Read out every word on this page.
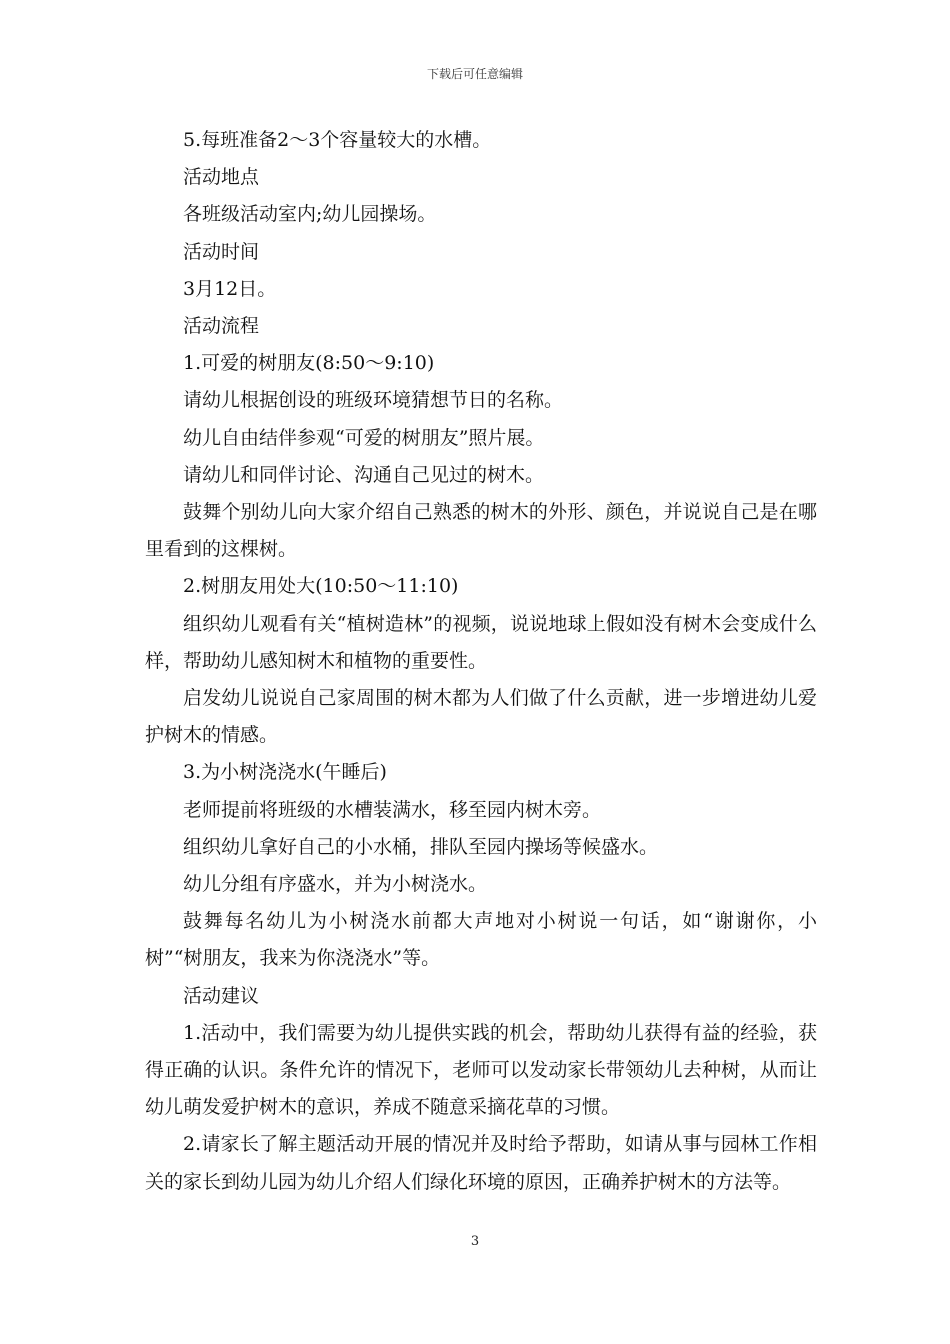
下载后可任意编辑

5.每班准备2～3个容量较大的水槽。

活动地点

各班级活动室内;幼儿园操场。

活动时间

3月12日。

活动流程

1.可爱的树朋友(8:50～9:10)

请幼儿根据创设的班级环境猜想节日的名称。

幼儿自由结伴参观“可爱的树朋友”照片展。

请幼儿和同伴讨论、沟通自己见过的树木。

鼓舞个别幼儿向大家介绍自己熟悉的树木的外形、颜色，并说说自己是在哪里看到的这棵树。

2.树朋友用处大(10:50～11:10)

组织幼儿观看有关“植树造林”的视频，说说地球上假如没有树木会变成什么样，帮助幼儿感知树木和植物的重要性。

启发幼儿说说自己家周围的树木都为人们做了什么贡献，进一步增进幼儿爱护树木的情感。

3.为小树浇浇水(午睡后)

老师提前将班级的水槽装满水，移至园内树木旁。

组织幼儿拿好自己的小水桶，排队至园内操场等候盛水。

幼儿分组有序盛水，并为小树浇水。

鼓舞每名幼儿为小树浇水前都大声地对小树说一句话，如“谢谢你，小树”“树朋友，我来为你浇浇水”等。

活动建议

1.活动中，我们需要为幼儿提供实践的机会，帮助幼儿获得有益的经验，获得正确的认识。条件允许的情况下，老师可以发动家长带领幼儿去种树，从而让幼儿萌发爱护树木的意识，养成不随意采摘花草的习惯。

2.请家长了解主题活动开展的情况并及时给予帮助，如请从事与园林工作相关的家长到幼儿园为幼儿介绍人们绿化环境的原因，正确养护树木的方法等。

3
